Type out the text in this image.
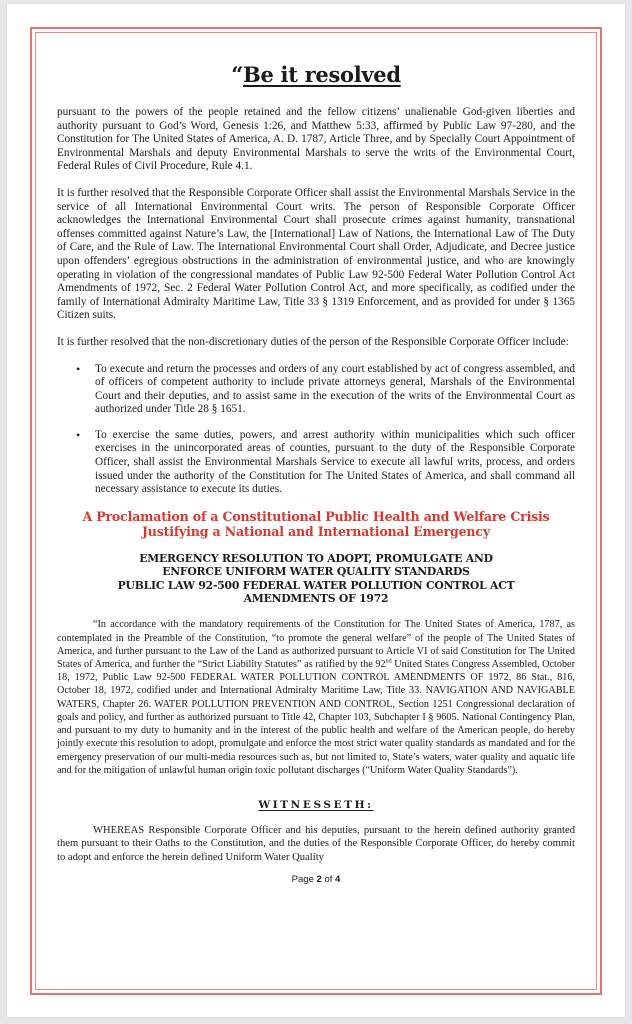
“Be it resolved

pursuant to the powers of the people retained and the fellow citizens’ unalienable God-given liberties and authority pursuant to God’s Word, Genesis 1:26, and Matthew 5:33, affirmed by Public Law 97-280, and the Constitution for The United States of America, A. D. 1787, Article Three, and by Specially Court Appointment of Environmental Marshals and deputy Environmental Marshals to serve the writs of the Environmental Court, Federal Rules of Civil Procedure, Rule 4.1.

It is further resolved that the Responsible Corporate Officer shall assist the Environmental Marshals Service in the service of all International Environmental Court writs. The person of Responsible Corporate Officer acknowledges the International Environmental Court shall prosecute crimes against humanity, transnational offenses committed against Nature’s Law, the [International] Law of Nations, the International Law of The Duty of Care, and the Rule of Law. The International Environmental Court shall Order, Adjudicate, and Decree justice upon offenders’ egregious obstructions in the administration of environmental justice, and who are knowingly operating in violation of the congressional mandates of Public Law 92-500 Federal Water Pollution Control Act Amendments of 1972, Sec. 2 Federal Water Pollution Control Act, and more specifically, as codified under the family of International Admiralty Maritime Law, Title 33 § 1319 Enforcement, and as provided for under § 1365 Citizen suits.

It is further resolved that the non-discretionary duties of the person of the Responsible Corporate Officer include:

• To execute and return the processes and orders of any court established by act of congress assembled, and of officers of competent authority to include private attorneys general, Marshals of the Environmental Court and their deputies, and to assist same in the execution of the writs of the Environmental Court as authorized under Title 28 § 1651.
• To exercise the same duties, powers, and arrest authority within municipalities which such officer exercises in the unincorporated areas of counties, pursuant to the duty of the Responsible Corporate Officer, shall assist the Environmental Marshals Service to execute all lawful writs, process, and orders issued under the authority of the Constitution for The United States of America, and shall command all necessary assistance to execute its duties.
A Proclamation of a Constitutional Public Health and Welfare Crisis
Justifying a National and International Emergency
EMERGENCY RESOLUTION TO ADOPT, PROMULGATE AND
ENFORCE UNIFORM WATER QUALITY STANDARDS
PUBLIC LAW 92-500 FEDERAL WATER POLLUTION CONTROL ACT
AMENDMENTS OF 1972

“In accordance with the mandatory requirements of the Constitution for The United States of America, 1787, as contemplated in the Preamble of the Constitution, “to promote the general welfare” of the people of The United States of America, and further pursuant to the Law of the Land as authorized pursuant to Article VI of said Constitution for The United States of America, and further the “Strict Liability Statutes” as ratified by the 92nd United States Congress Assembled, October 18, 1972, Public Law 92-500 FEDERAL WATER POLLUTION CONTROL AMENDMENTS OF 1972, 86 Stat., 816, October 18, 1972, codified under and International Admiralty Maritime Law, Title 33. NAVIGATION AND NAVIGABLE WATERS, Chapter 26. WATER POLLUTION PREVENTION AND CONTROL, Section 1251 Congressional declaration of goals and policy, and further as authorized pursuant to Title 42, Chapter 103, Subchapter I § 9605. National Contingency Plan, and pursuant to my duty to humanity and in the interest of the public health and welfare of the American people, do hereby jointly execute this resolution to adopt, promulgate and enforce the most strict water quality standards as mandated and for the emergency preservation of our multi-media resources such as, but not limited to, State’s waters, water quality and aquatic life and for the mitigation of unlawful human origin toxic pollutant discharges (“Uniform Water Quality Standards”).

WITNESSETH:

WHEREAS Responsible Corporate Officer and his deputies, pursuant to the herein defined authority granted them pursuant to their Oaths to the Constitution, and the duties of the Responsible Corporate Officer, do hereby commit to adopt and enforce the herein defined Uniform Water Quality

Page 2 of 4
